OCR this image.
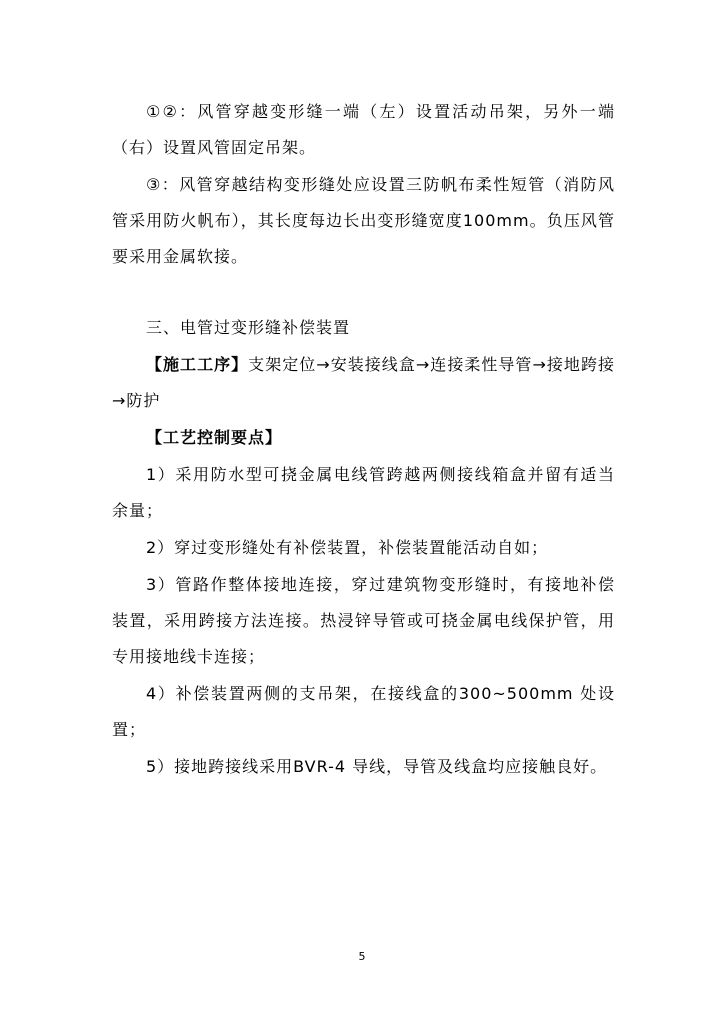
①②：风管穿越变形缝一端（左）设置活动吊架，另外一端（右）设置风管固定吊架。

③：风管穿越结构变形缝处应设置三防帆布柔性短管（消防风管采用防火帆布），其长度每边长出变形缝宽度100mm。负压风管要采用金属软接。

三、电管过变形缝补偿装置

【施工工序】支架定位→安装接线盒→连接柔性导管→接地跨接→防护

【工艺控制要点】

1）采用防水型可挠金属电线管跨越两侧接线箱盒并留有适当余量；

2）穿过变形缝处有补偿装置，补偿装置能活动自如；

3）管路作整体接地连接，穿过建筑物变形缝时，有接地补偿装置，采用跨接方法连接。热浸锌导管或可挠金属电线保护管，用专用接地线卡连接；

4）补偿装置两侧的支吊架，在接线盒的300~500mm 处设置；

5）接地跨接线采用BVR-4 导线，导管及线盒均应接触良好。

5
